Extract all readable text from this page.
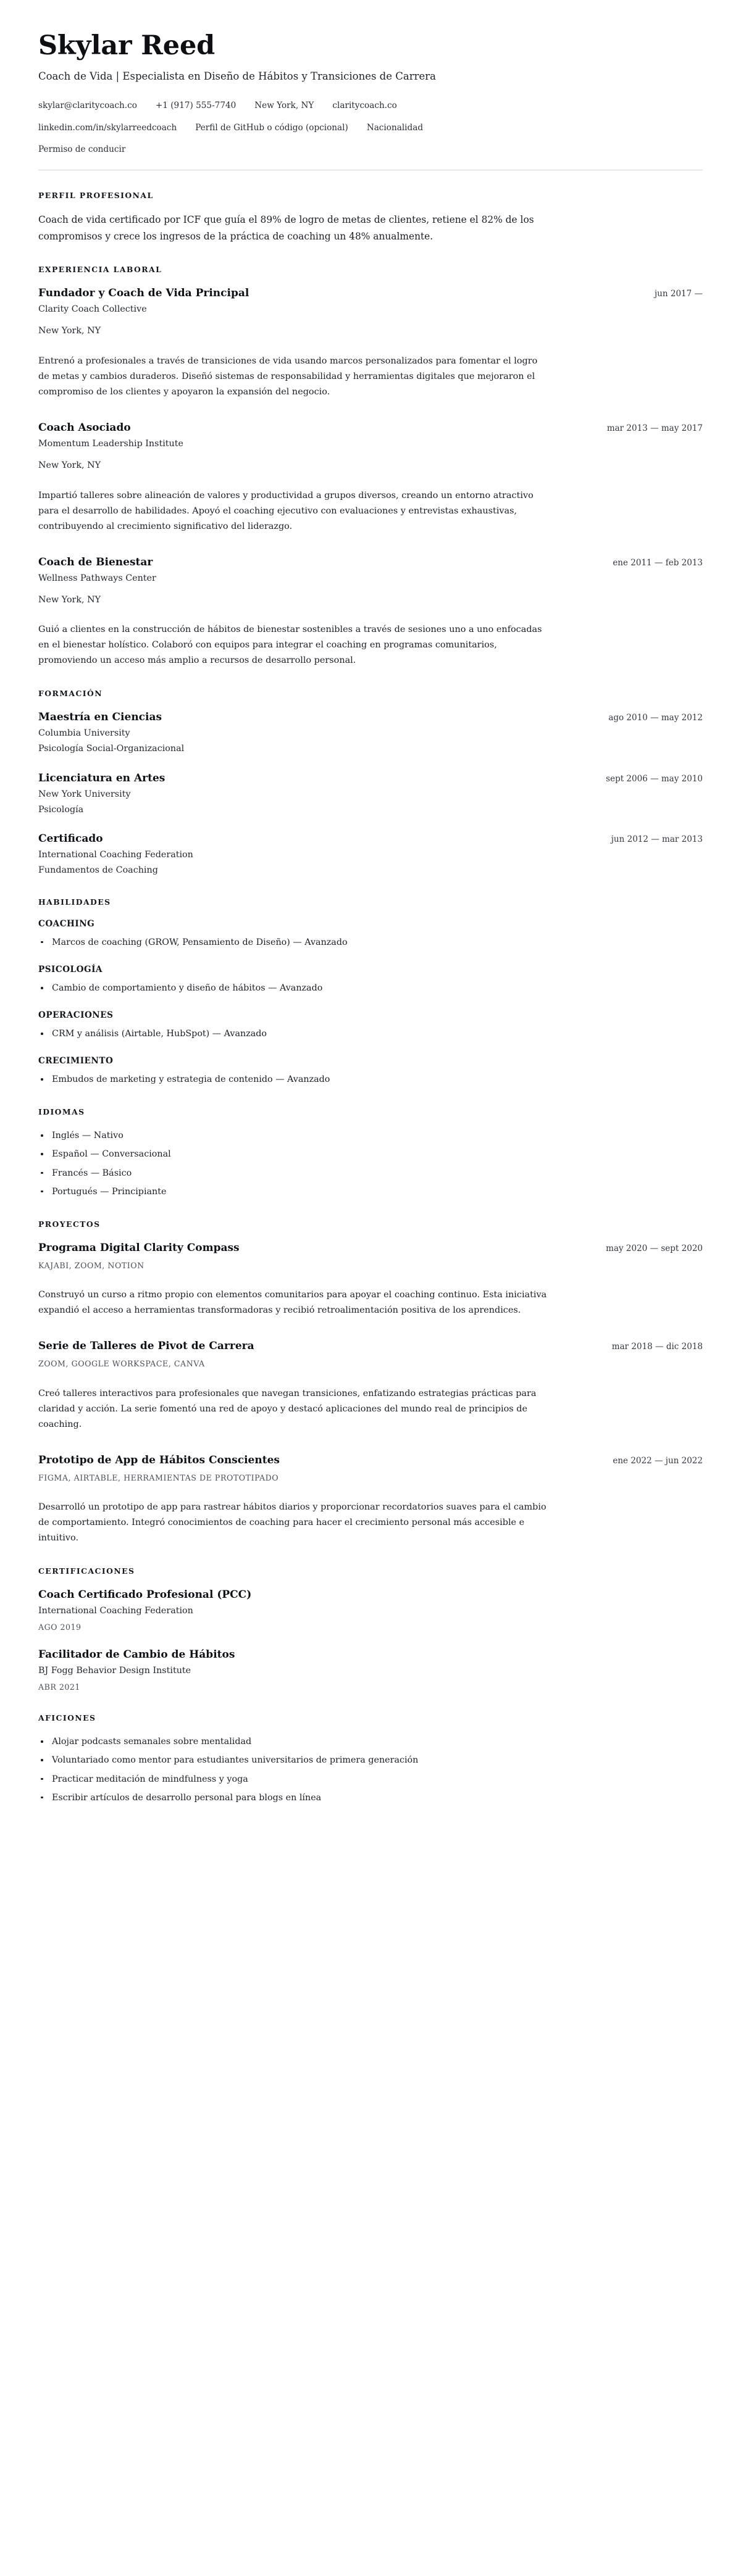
Skylar Reed
Coach de Vida | Especialista en Diseño de Hábitos y Transiciones de Carrera
skylar@claritycoach.co +1 (917) 555-7740 New York, NY claritycoach.co
linkedin.com/in/skylarreedcoach Perfil de GitHub o código (opcional) Nacionalidad
Permiso de conducir
PERFIL PROFESIONAL

Coach de vida certificado por ICF que guía el 89% de logro de metas de clientes, retiene el 82% de los compromisos y crece los ingresos de la práctica de coaching un 48% anualmente.

EXPERIENCIA LABORAL
Fundador y Coach de Vida Principal	jun 2017 —
Clarity Coach Collective
New York, NY
Entrenó a profesionales a través de transiciones de vida usando marcos personalizados para fomentar el logro de metas y cambios duraderos. Diseñó sistemas de responsabilidad y herramientas digitales que mejoraron el compromiso de los clientes y apoyaron la expansión del negocio.
Coach Asociado	mar 2013 — may 2017
Momentum Leadership Institute
New York, NY
Impartió talleres sobre alineación de valores y productividad a grupos diversos, creando un entorno atractivo para el desarrollo de habilidades. Apoyó el coaching ejecutivo con evaluaciones y entrevistas exhaustivas, contribuyendo al crecimiento significativo del liderazgo.
Coach de Bienestar	ene 2011 — feb 2013
Wellness Pathways Center
New York, NY
Guió a clientes en la construcción de hábitos de bienestar sostenibles a través de sesiones uno a uno enfocadas en el bienestar holístico. Colaboró con equipos para integrar el coaching en programas comunitarios, promoviendo un acceso más amplio a recursos de desarrollo personal.
FORMACIÓN
Maestría en Ciencias	ago 2010 — may 2012
Columbia University
Psicología Social-Organizacional
Licenciatura en Artes	sept 2006 — may 2010
New York University
Psicología
Certificado	jun 2012 — mar 2013
International Coaching Federation
Fundamentos de Coaching
HABILIDADES
COACHING
Marcos de coaching (GROW, Pensamiento de Diseño) — Avanzado
PSICOLOGÍA
Cambio de comportamiento y diseño de hábitos — Avanzado
OPERACIONES
CRM y análisis (Airtable, HubSpot) — Avanzado
CRECIMIENTO
Embudos de marketing y estrategia de contenido — Avanzado
IDIOMAS
Inglés — Nativo
Español — Conversacional
Francés — Básico
Portugués — Principiante
PROYECTOS
Programa Digital Clarity Compass	may 2020 — sept 2020
KAJABI, ZOOM, NOTION
Construyó un curso a ritmo propio con elementos comunitarios para apoyar el coaching continuo. Esta iniciativa expandió el acceso a herramientas transformadoras y recibió retroalimentación positiva de los aprendices.
Serie de Talleres de Pivot de Carrera	mar 2018 — dic 2018
ZOOM, GOOGLE WORKSPACE, CANVA
Creó talleres interactivos para profesionales que navegan transiciones, enfatizando estrategias prácticas para claridad y acción. La serie fomentó una red de apoyo y destacó aplicaciones del mundo real de principios de coaching.
Prototipo de App de Hábitos Conscientes	ene 2022 — jun 2022
FIGMA, AIRTABLE, HERRAMIENTAS DE PROTOTIPADO
Desarrolló un prototipo de app para rastrear hábitos diarios y proporcionar recordatorios suaves para el cambio de comportamiento. Integró conocimientos de coaching para hacer el crecimiento personal más accesible e intuitivo.
CERTIFICACIONES
Coach Certificado Profesional (PCC)
International Coaching Federation
AGO 2019
Facilitador de Cambio de Hábitos
BJ Fogg Behavior Design Institute
ABR 2021
AFICIONES
Alojar podcasts semanales sobre mentalidad
Voluntariado como mentor para estudiantes universitarios de primera generación
Practicar meditación de mindfulness y yoga
Escribir artículos de desarrollo personal para blogs en línea
